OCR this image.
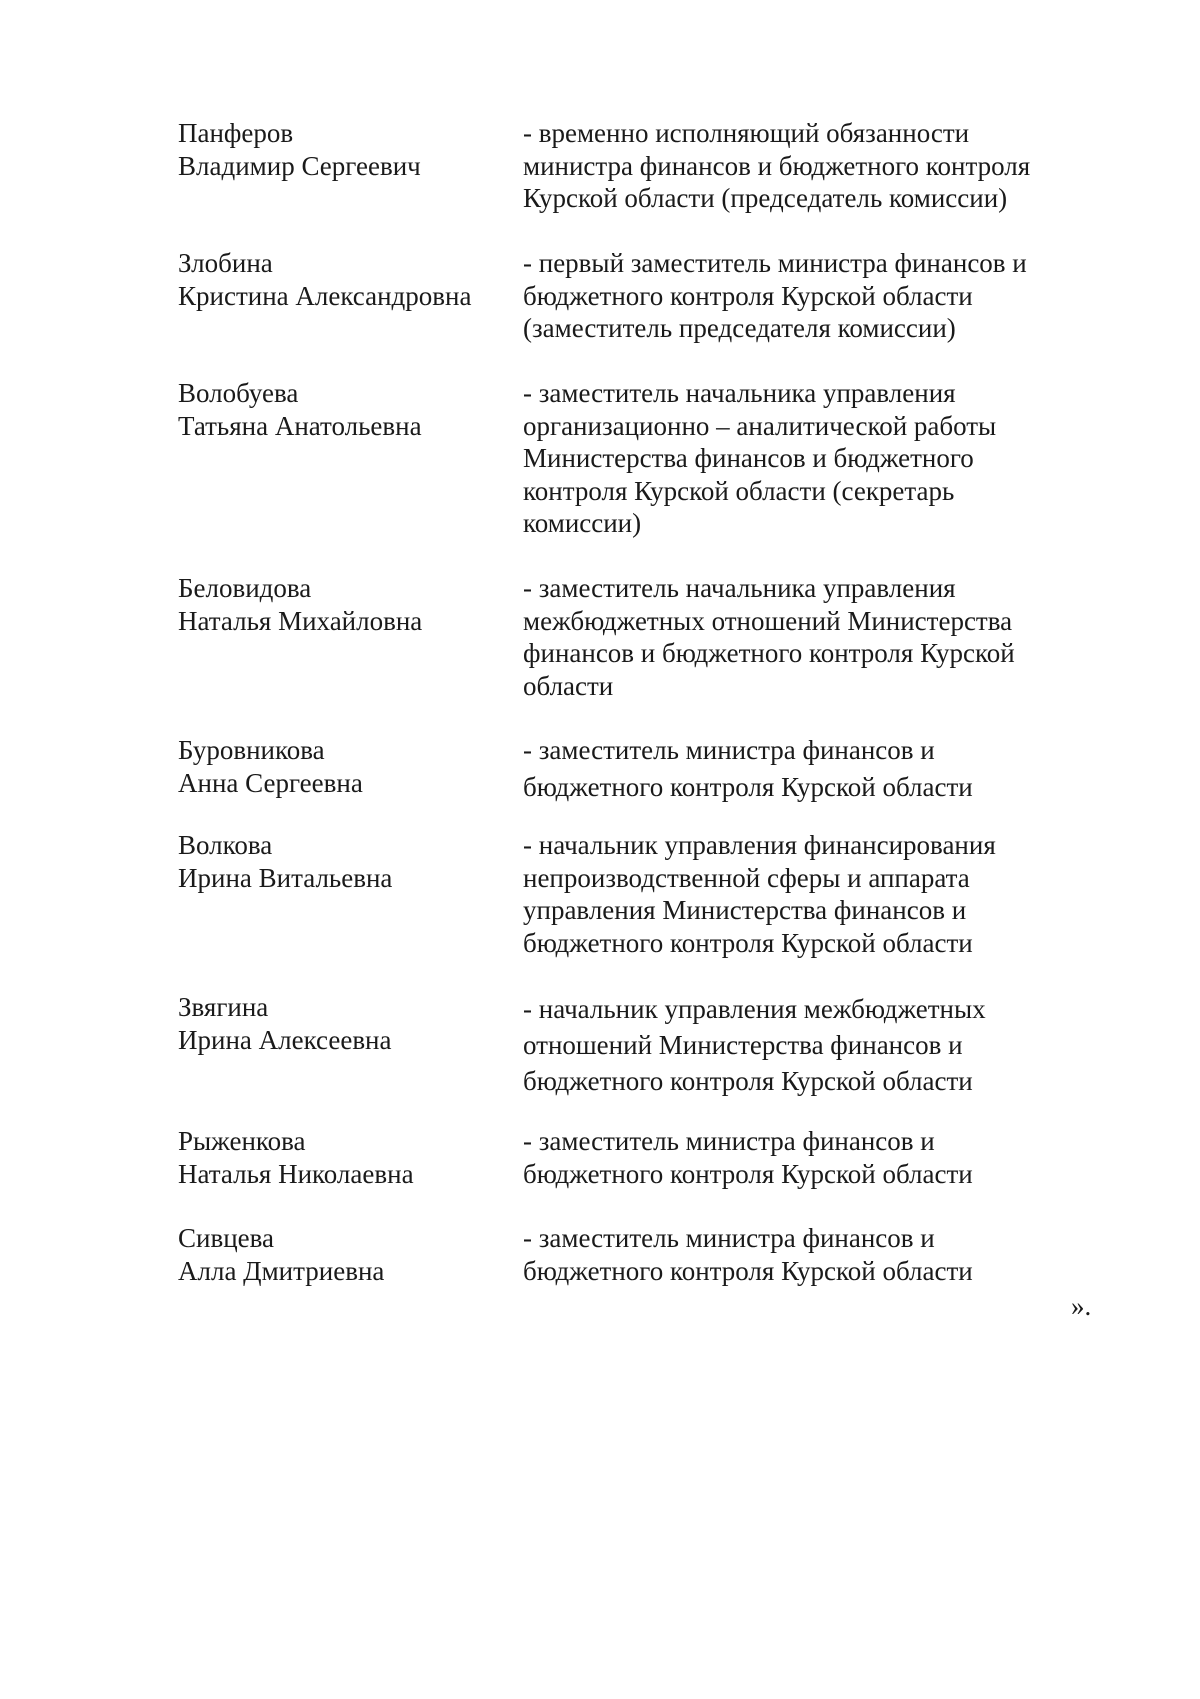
Панферов
Владимир Сергеевич
- временно исполняющий обязанности
министра финансов и бюджетного контроля
Курской области (председатель комиссии)
Злобина
Кристина Александровна
- первый заместитель министра финансов и
бюджетного контроля Курской области
(заместитель председателя комиссии)
Волобуева
Татьяна Анатольевна
- заместитель начальника управления
организационно – аналитической работы
Министерства финансов и бюджетного
контроля Курской области (секретарь
комиссии)
Беловидова
Наталья Михайловна
- заместитель начальника управления
межбюджетных отношений Министерства
финансов и бюджетного контроля Курской
области
Буровникова
Анна Сергеевна
- заместитель министра финансов и
бюджетного контроля Курской области
Волкова
Ирина Витальевна
- начальник управления финансирования
непроизводственной сферы и аппарата
управления Министерства финансов и
бюджетного контроля Курской области
Звягина
Ирина Алексеевна
- начальник управления межбюджетных
отношений Министерства финансов и
бюджетного контроля Курской области
Рыженкова
Наталья Николаевна
- заместитель министра финансов и
бюджетного контроля Курской области
Сивцева
Алла Дмитриевна
- заместитель министра финансов и
бюджетного контроля Курской области
».
